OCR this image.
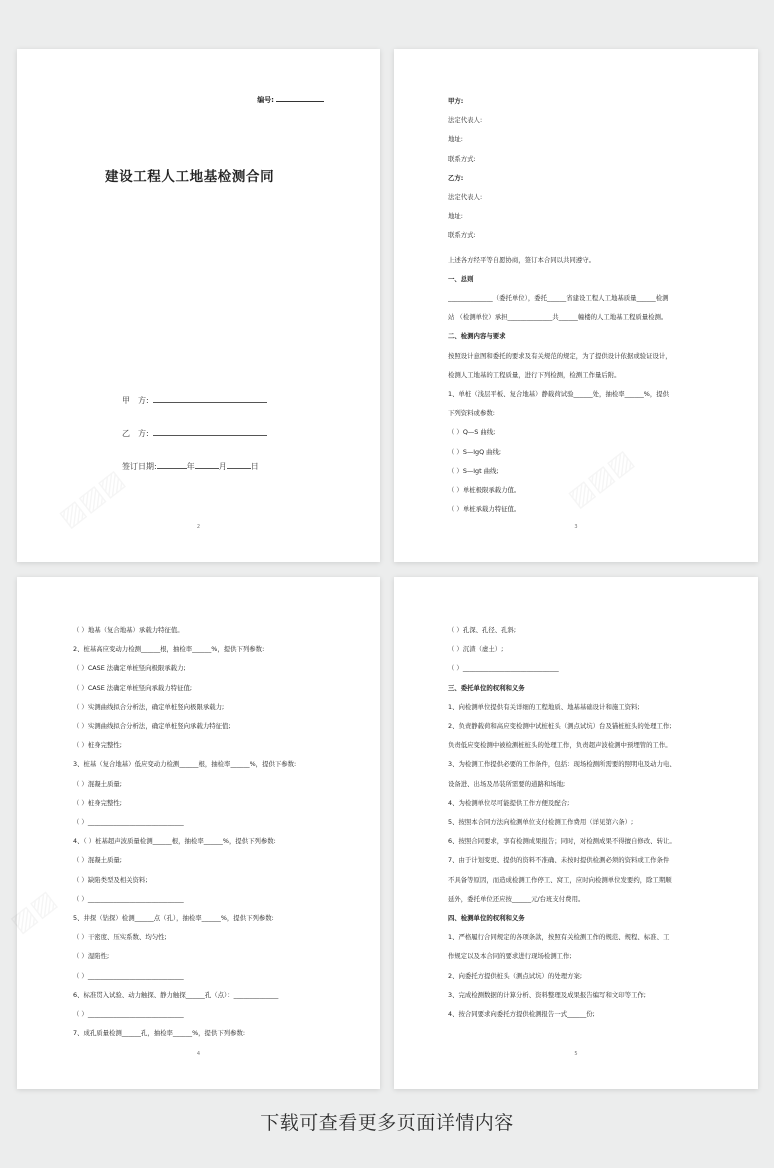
编号:
建设工程人工地基检测合同
甲　方:
乙　方:
签订日期:	年	月	日
2

甲方:

法定代表人:

地址:

联系方式:

乙方:

法定代表人:

地址:

联系方式:

上述各方经平等自愿协商，签订本合同以共同遵守。

一、总则

______________（委托单位），委托______省建设工程人工地基质量______检测

站 （检测单位）承担______________共______幢楼的人工地基工程质量检测。

二、检测内容与要求

按照设计意图和委托的要求及有关规范的规定，为了提供设计依据或验证设计，

检测人工地基的工程质量，进行下列检测，检测工作量后附。

1、单桩（浅层平板、复合地基）静载荷试验______处，抽检率______%，提供

下列资料或参数:

（ ）Q—S 曲线;

（ ）S—lgQ 曲线;

（ ）S—lgt 曲线;

（ ）单桩极限承载力值。

（ ）单桩承载力特征值。

3

（ ）地基（复合地基）承载力特征值。

2、桩基高应变动力检测______根，抽检率______%，提供下列参数:

（ ）CASE 法确定单桩竖向极限承载力;

（ ）CASE 法确定单桩竖向承载力特征值;

（ ）实测曲线拟合分析法，确定单桩竖向极限承载力;

（ ）实测曲线拟合分析法，确定单桩竖向承载力特征值;

（ ）桩身完整性;

3、桩基（复合地基）低应变动力检测______根，抽检率______%，提供下参数:

（ ）混凝土质量;

（ ）桩身完整性;

（ ）______________________________

4、（ ）桩基超声波质量检测______根，抽检率______%，提供下列参数:

（ ）混凝土质量;

（ ）缺陷类型及相关资料;

（ ）______________________________

5、井探（钻探）检测______点（孔），抽检率______%，提供下列参数:

（ ）干密度、压实系数、均匀性;

（ ）湿陷性;

（ ）______________________________

6、标准贯入试验、动力触探、静力触探______孔（点）：______________

（ ）______________________________

7、成孔质量检测______孔，抽检率______%，提供下列参数:

4

（ ）孔深、孔径、孔斜;

（ ）沉渣（虚土）;

（ ）______________________________

三、委托单位的权利和义务

1、向检测单位提供有关详细的工程地质、地基基础设计和施工资料;

2、负责静载荷和高应变检测中试桩桩头（测点试坑）台及锚桩桩头的处理工作;

负责低应变检测中被检测桩桩头的处理工作，负责超声波检测中预埋管的工作。

3、为检测工作提供必要的工作条件，包括：现场检测所需要的照明电及动力电、

设备进、出场及吊装所需要的道路和场地;

4、为检测单位尽可能提供工作方便及配合;

5、按照本合同方法向检测单位支付检测工作费用（详见第六条）;

6、按照合同要求，享有检测成果报告；同时，对检测成果不得擅自修改、转让。

7、由于计划变更、提供的资料不准确、未按时提供检测必须的资料或工作条件

不具备等原因，而造成检测工作停工、窝工，应时向检测单位发要约，除工期顺

延外，委托单位还应按______元/台班支付费用。

四、检测单位的权利和义务

1、严格履行合同规定的各项条款，按照有关检测工作的规范、规程、标准、工

作规定以及本合同的要求进行现场检测工作;

2、向委托方提供桩头（测点试坑）的处理方案;

3、完成检测数据的计算分析、资料整理及成果报告编写和文印等工作;

4、按合同要求向委托方提供检测报告一式______份;

5
下载可查看更多页面详情内容
